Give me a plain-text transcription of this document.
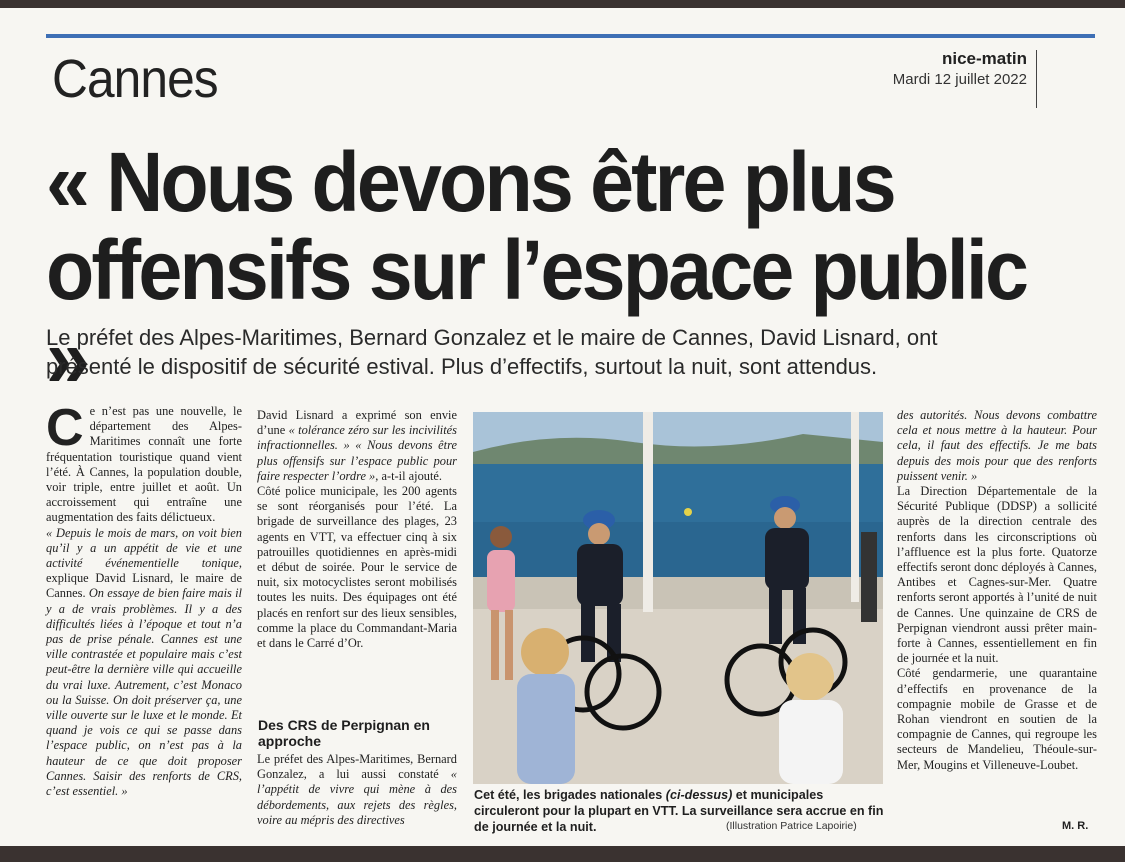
Cannes	nice-matin
Mardi 12 juillet 2022
« Nous devons être plus
offensifs sur l’espace public »
Le préfet des Alpes-Maritimes, Bernard Gonzalez et le maire de Cannes, David Lisnard, ont
présenté le dispositif de sécurité estival. Plus d’effectifs, surtout la nuit, sont attendus.
C e n’est pas une nouvelle, le département des Alpes-Maritimes connaît une forte fréquentation touristique quand vient l’été. À Cannes, la population double, voir triple, entre juillet et août. Un accroissement qui entraîne une augmentation des faits délictueux.

« Depuis le mois de mars, on voit bien qu’il y a un appétit de vie et une activité événementielle tonique, explique David Lisnard, le maire de Cannes. On essaye de bien faire mais il y a de vrais problèmes. Il y a des difficultés liées à l’époque et tout n’a pas de prise pénale. Cannes est une ville contrastée et populaire mais c’est peut-être la dernière ville qui accueille du vrai luxe. Autrement, c’est Monaco ou la Suisse. On doit préserver ça, une ville ouverte sur le luxe et le monde. Et quand je vois ce qui se passe dans l’espace public, on n’est pas à la hauteur de ce que doit proposer Cannes. Saisir des renforts de CRS, c’est essentiel. »

David Lisnard a exprimé son envie d’une « tolérance zéro sur les incivilités infractionnelles. » « Nous devons être plus offensifs sur l’espace public pour faire respecter l’ordre », a-t-il ajouté.

Côté police municipale, les 200 agents se sont réorganisés pour l’été. La brigade de surveillance des plages, 23 agents en VTT, va effectuer cinq à six patrouilles quotidiennes en après-midi et début de soirée. Pour le service de nuit, six motocyclistes seront mobilisés toutes les nuits. Des équipages ont été placés en renfort sur des lieux sensibles, comme la place du Commandant-Maria et dans le Carré d’Or.

Des CRS de Perpignan en approche

Le préfet des Alpes-Maritimes, Bernard Gonzalez, a lui aussi constaté « l’appétit de vivre qui mène à des débordements, aux rejets des règles, voire au mépris des directives

des autorités. Nous devons combattre cela et nous mettre à la hauteur. Pour cela, il faut des effectifs. Je me bats depuis des mois pour que des renforts puissent venir. »

La Direction Départementale de la Sécurité Publique (DDSP) a sollicité auprès de la direction centrale des renforts dans les circonscriptions où l’affluence est la plus forte. Quatorze effectifs seront donc déployés à Cannes, Antibes et Cagnes-sur-Mer. Quatre renforts seront apportés à l’unité de nuit de Cannes. Une quinzaine de CRS de Perpignan viendront aussi prêter main-forte à Cannes, essentiellement en fin de journée et la nuit.

Côté gendarmerie, une quarantaine d’effectifs en provenance de la compagnie mobile de Grasse et de Rohan viendront en soutien de la compagnie de Cannes, qui regroupe les secteurs de Mandelieu, Théoule-sur-Mer, Mougins et Villeneuve-Loubet.

M. R.
Cet été, les brigades nationales (ci-dessus) et municipales circuleront pour la plupart en VTT. La surveillance sera accrue en fin de journée et la nuit.	(Illustration Patrice Lapoirie)
